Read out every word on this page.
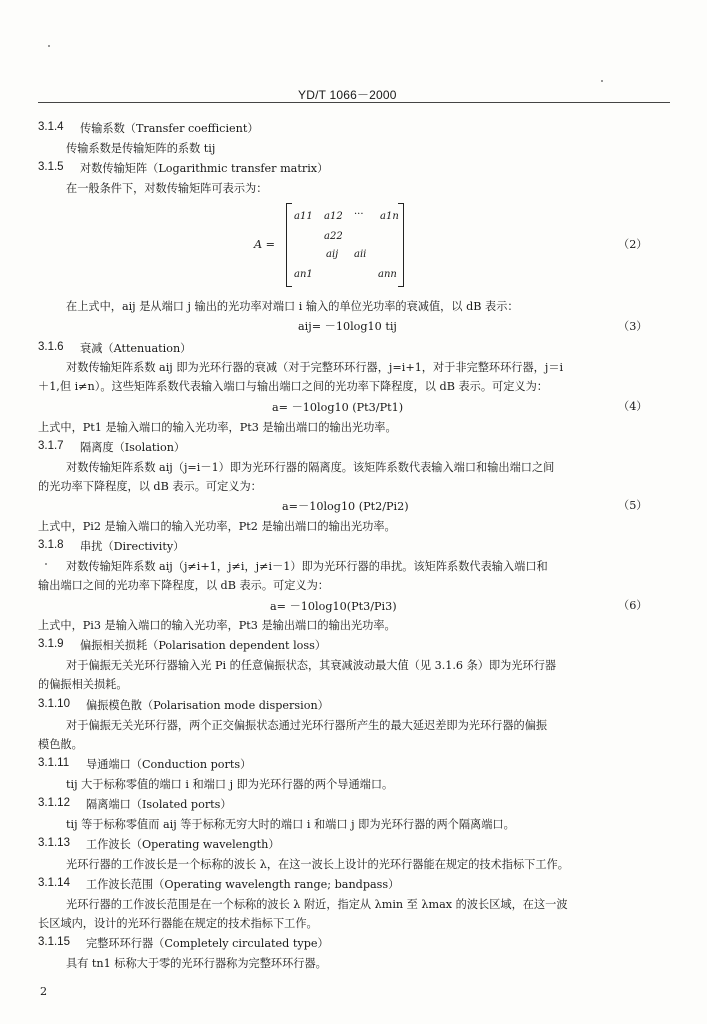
YD/T 1066－2000
3.1.4 传输系数（Transfer coefficient）
传输系数是传输矩阵的系数 tij
3.1.5 对数传输矩阵（Logarithmic transfer matrix）
在一般条件下，对数传输矩阵可表示为：
A =
a11 a12 ··· a1n
a22
aij aii
an1	ann
（2）
在上式中，aij 是从端口 j 输出的光功率对端口 i 输入的单位光功率的衰减值，以 dB 表示：
aij= －10log10 tij	（3）
3.1.6 衰减（Attenuation）
对数传输矩阵系数 aij 即为光环行器的衰减（对于完整环环行器，j=i+1，对于非完整环环行器，j＝i
＋1,但 i≠n）。这些矩阵系数代表输入端口与输出端口之间的光功率下降程度，以 dB 表示。可定义为：
a= －10log10 (Pt3/Pt1)	（4）
上式中，Pt1 是输入端口的输入光功率，Pt3 是输出端口的输出光功率。
3.1.7 隔离度（Isolation）
对数传输矩阵系数 aij（j=i－1）即为光环行器的隔离度。该矩阵系数代表输入端口和输出端口之间
的光功率下降程度，以 dB 表示。可定义为：
a=－10log10 (Pt2/Pi2)	（5）
上式中，Pi2 是输入端口的输入光功率，Pt2 是输出端口的输出光功率。
3.1.8 串扰（Directivity）
对数传输矩阵系数 aij（j≠i+1，j≠i，j≠i－1）即为光环行器的串扰。该矩阵系数代表输入端口和
输出端口之间的光功率下降程度，以 dB 表示。可定义为：
a= －10log10(Pt3/Pi3)	（6）
上式中，Pi3 是输入端口的输入光功率，Pt3 是输出端口的输出光功率。
3.1.9 偏振相关损耗（Polarisation dependent loss）
对于偏振无关光环行器输入光 Pi 的任意偏振状态，其衰减波动最大值（见 3.1.6 条）即为光环行器
的偏振相关损耗。
3.1.10 偏振模色散（Polarisation mode dispersion）
对于偏振无关光环行器，两个正交偏振状态通过光环行器所产生的最大延迟差即为光环行器的偏振
模色散。
3.1.11 导通端口（Conduction ports）
tij 大于标称零值的端口 i 和端口 j 即为光环行器的两个导通端口。
3.1.12 隔离端口（Isolated ports）
tij 等于标称零值而 aij 等于标称无穷大时的端口 i 和端口 j 即为光环行器的两个隔离端口。
3.1.13 工作波长（Operating wavelength）
光环行器的工作波长是一个标称的波长 λ，在这一波长上设计的光环行器能在规定的技术指标下工作。
3.1.14 工作波长范围（Operating wavelength range; bandpass）
光环行器的工作波长范围是在一个标称的波长 λ 附近，指定从 λmin 至 λmax 的波长区域，在这一波
长区域内，设计的光环行器能在规定的技术指标下工作。
3.1.15 完整环环行器（Completely circulated type）
具有 tn1 标称大于零的光环行器称为完整环环行器。
2
